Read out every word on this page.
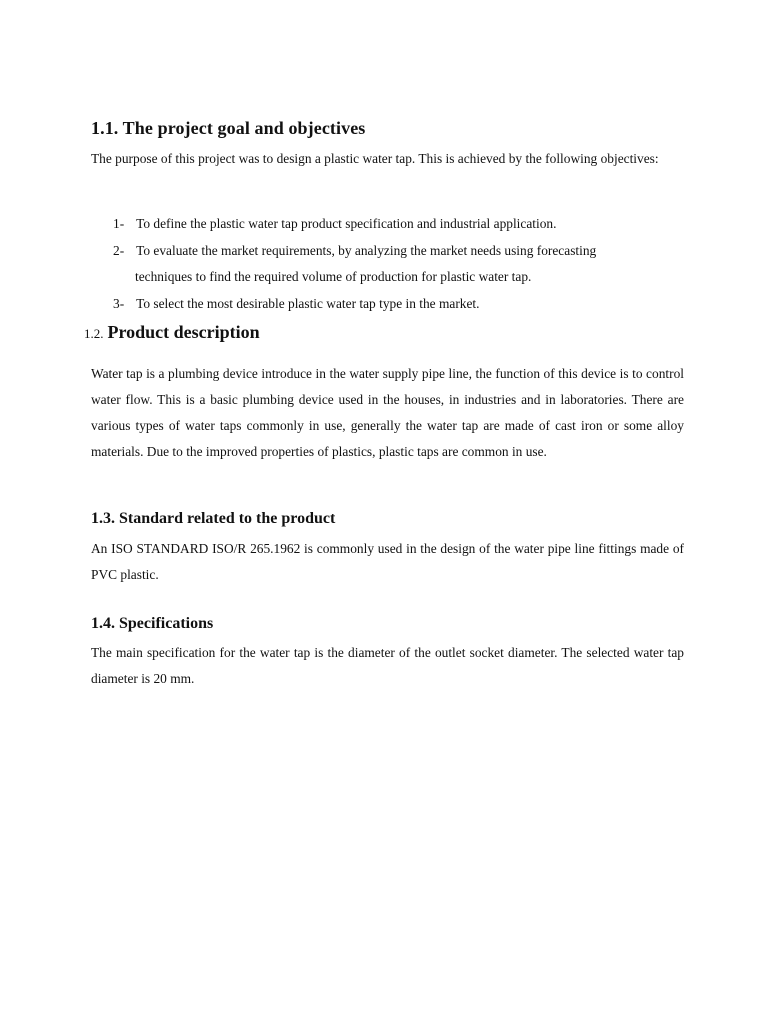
1.1. The project goal and objectives
The purpose of this project was to design a plastic water tap. This is achieved by the following objectives:
1- To define the plastic water tap product specification and industrial application.
2- To evaluate the market requirements, by analyzing the market needs using forecasting
techniques to find the required volume of production for plastic water tap.
3- To select the most desirable plastic water tap type in the market.
1.2. Product description
Water tap is a plumbing device introduce in the water supply pipe line, the function of this device is to control water flow. This is a basic plumbing device used in the houses, in industries and in laboratories. There are various types of water taps commonly in use, generally the water tap are made of cast iron or some alloy materials. Due to the improved properties of plastics, plastic taps are common in use.
1.3. Standard related to the product
An ISO STANDARD ISO/R 265.1962 is commonly used in the design of the water pipe line fittings made of PVC plastic.
1.4. Specifications
The main specification for the water tap is the diameter of the outlet socket diameter. The selected water tap diameter is 20 mm.
